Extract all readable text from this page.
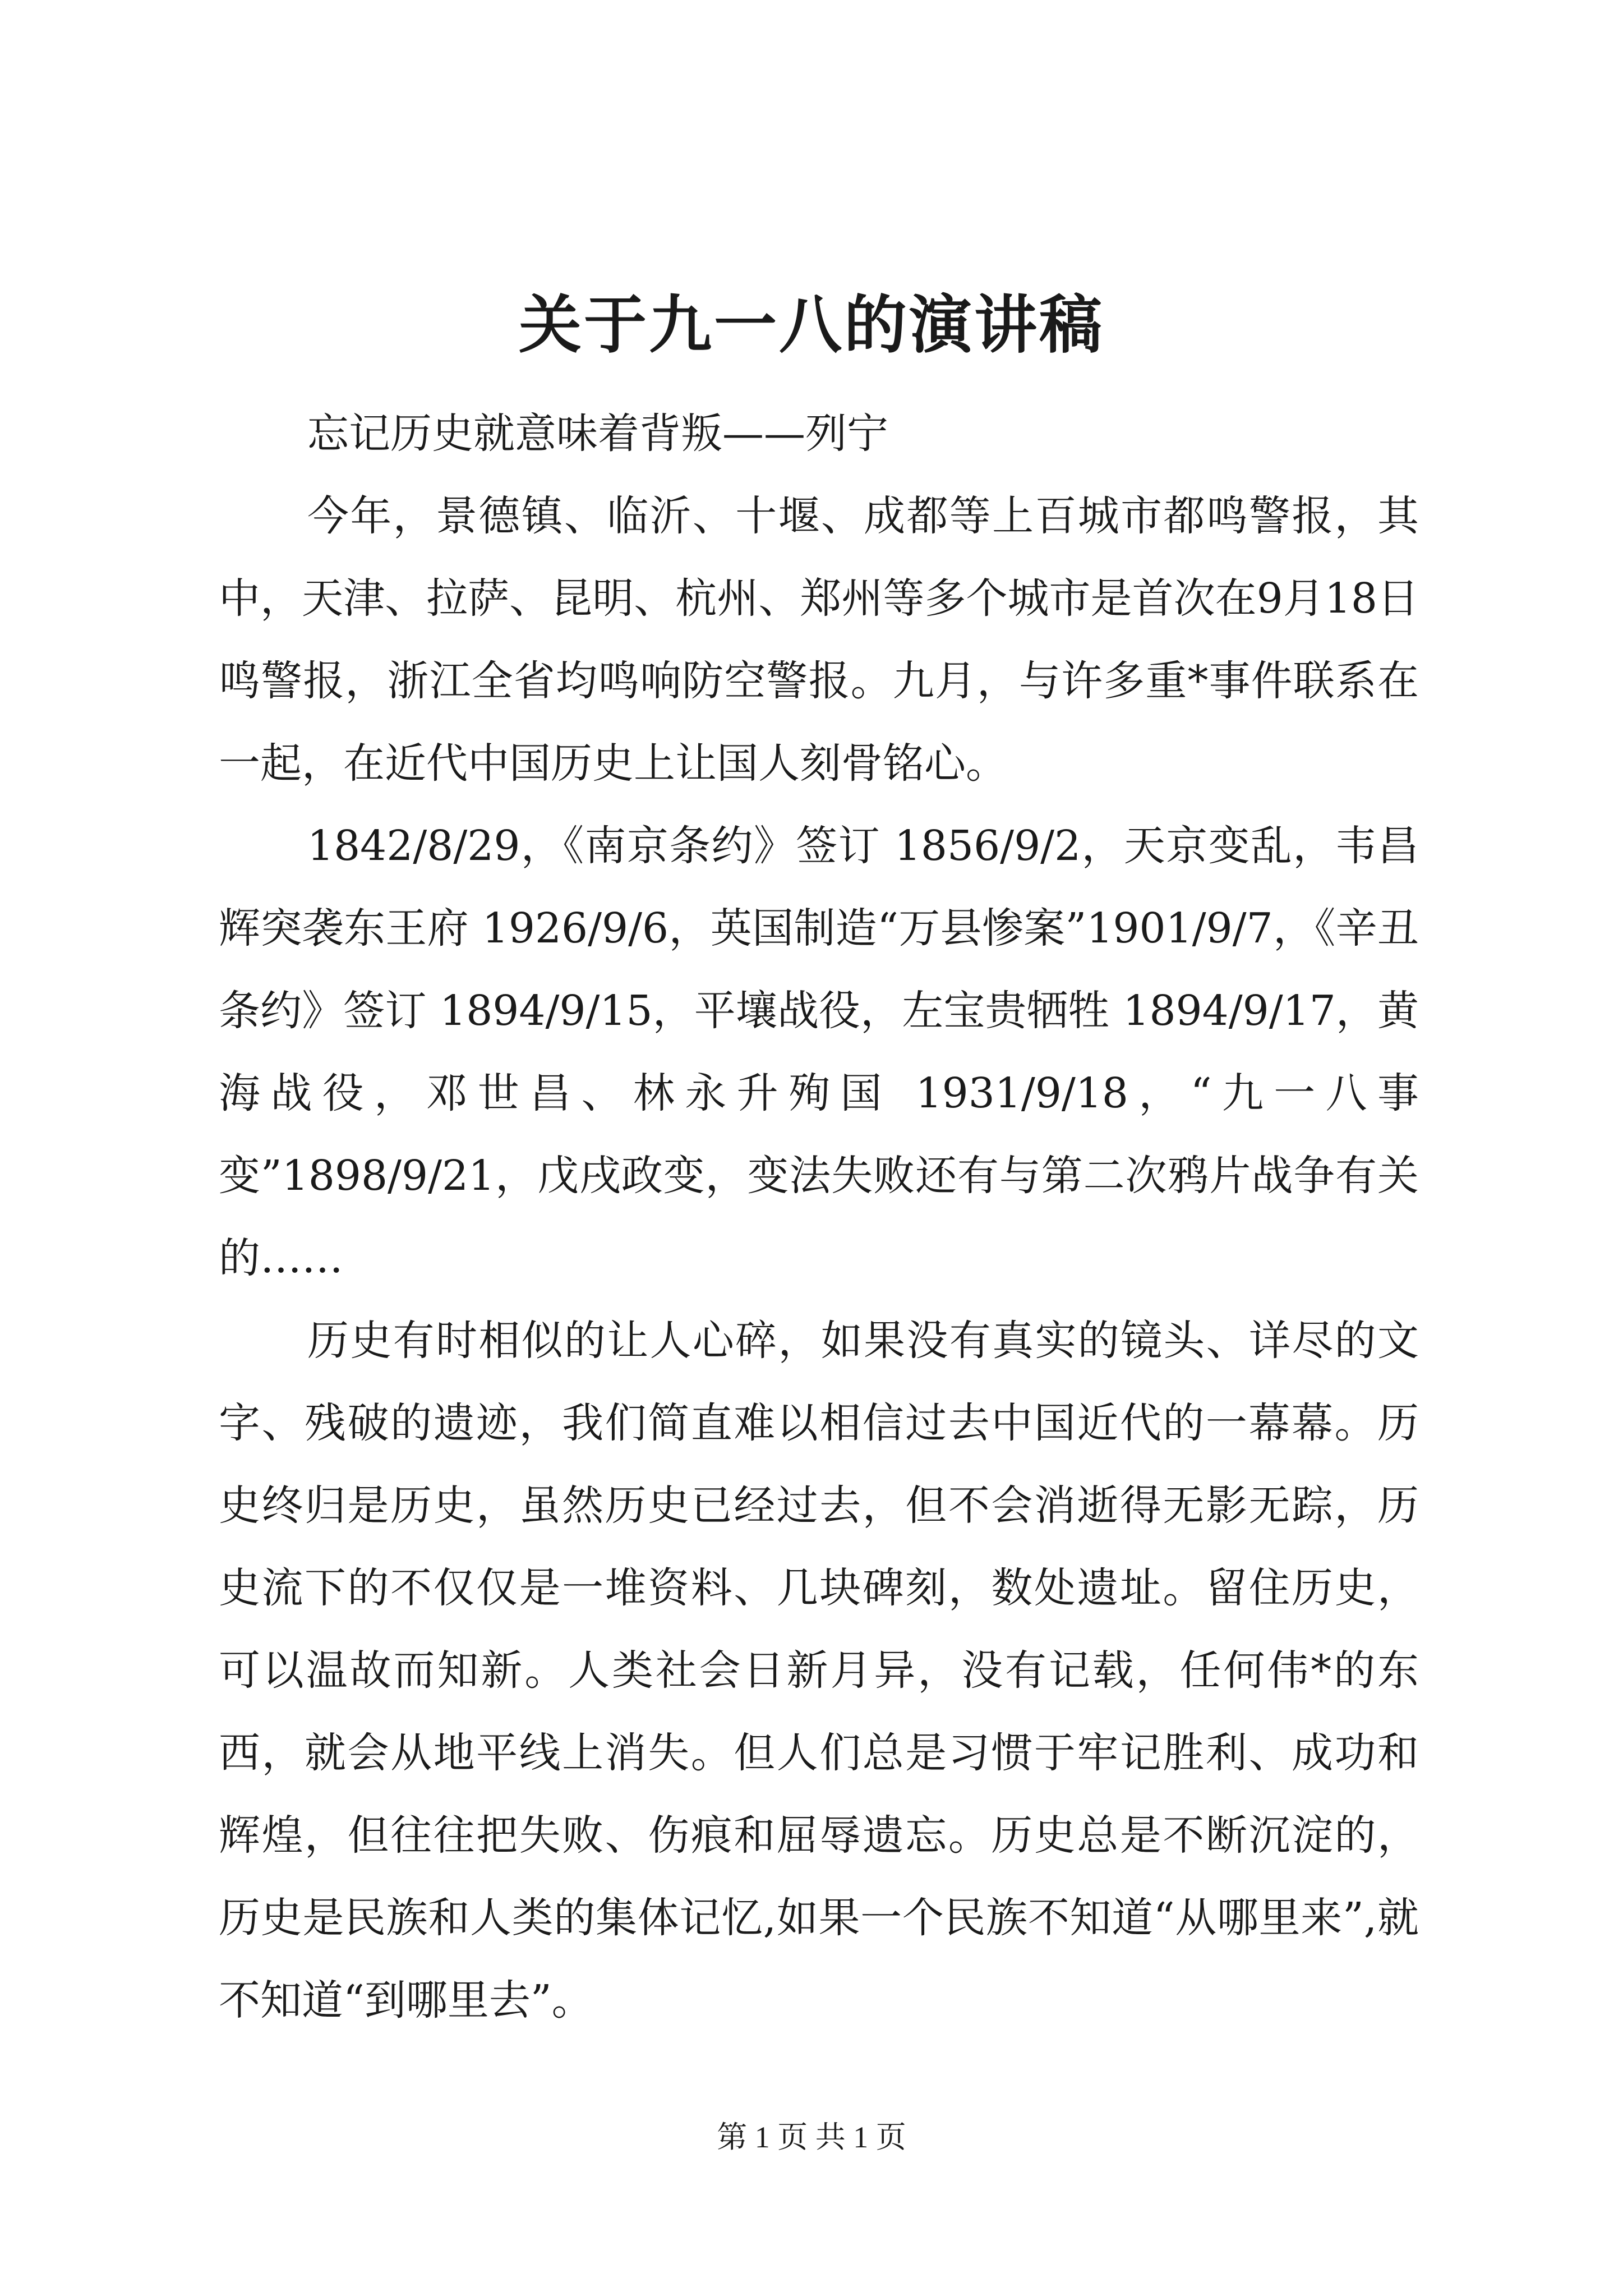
关于九一八的演讲稿

忘记历史就意味着背叛——列宁

今年，景德镇、临沂、十堰、成都等上百城市都鸣警报，其中，天津、拉萨、昆明、杭州、郑州等多个城市是首次在9月18日鸣警报，浙江全省均鸣响防空警报。九月，与许多重*事件联系在一起，在近代中国历史上让国人刻骨铭心。

1842/8/29，《南京条约》签订 1856/9/2，天京变乱，韦昌辉突袭东王府 1926/9/6，英国制造“万县惨案”1901/9/7，《辛丑条约》签订 1894/9/15，平壤战役，左宝贵牺牲 1894/9/17，黄海战役，邓世昌、林永升殉国 1931/9/18，“九一八事变”1898/9/21，戊戌政变，变法失败还有与第二次鸦片战争有关的……

历史有时相似的让人心碎，如果没有真实的镜头、详尽的文字、残破的遗迹，我们简直难以相信过去中国近代的一幕幕。历史终归是历史，虽然历史已经过去，但不会消逝得无影无踪，历史流下的不仅仅是一堆资料、几块碑刻，数处遗址。留住历史，可以温故而知新。人类社会日新月异，没有记载，任何伟*的东西，就会从地平线上消失。但人们总是习惯于牢记胜利、成功和辉煌，但往往把失败、伤痕和屈辱遗忘。历史总是不断沉淀的，历史是民族和人类的集体记忆,如果一个民族不知道“从哪里来”,就不知道“到哪里去”。

第 1 页 共 1 页
